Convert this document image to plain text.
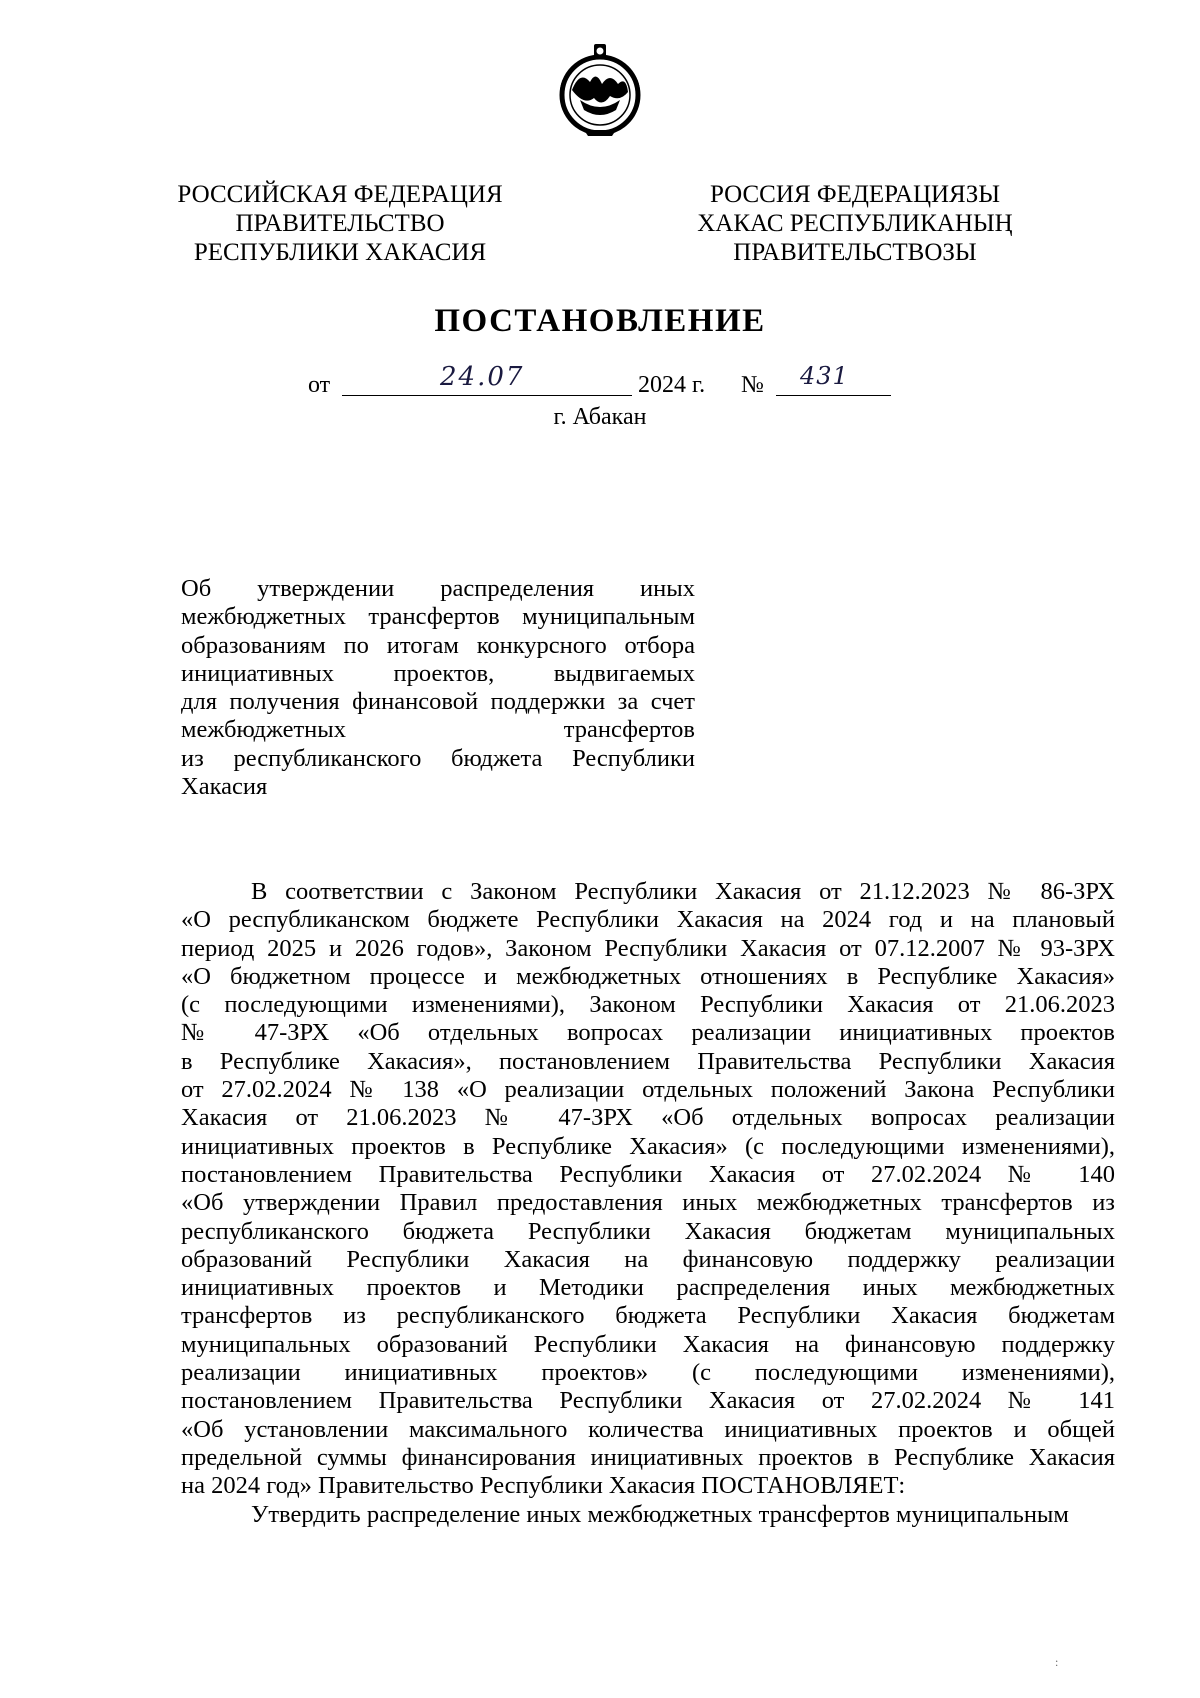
РОССИЙСКАЯ ФЕДЕРАЦИЯ
ПРАВИТЕЛЬСТВО
РЕСПУБЛИКИ ХАКАСИЯ
РОССИЯ ФЕДЕРАЦИЯЗЫ
ХАКАС РЕСПУБЛИКАНЫҢ
ПРАВИТЕЛЬСТВОЗЫ
ПОСТАНОВЛЕНИЕ
от	24.07	2024 г. № 431
г. Абакан
Об утверждении распределения иных
межбюджетных трансфертов муниципальным
образованиям по итогам конкурсного отбора
инициативных проектов, выдвигаемых
для получения финансовой поддержки за счет
межбюджетных трансфертов
из республиканского бюджета Республики
Хакасия
В соответствии с Законом Республики Хакасия от 21.12.2023 № 86-ЗРХ
«О республиканском бюджете Республики Хакасия на 2024 год и на плановый
период 2025 и 2026 годов», Законом Республики Хакасия от 07.12.2007 № 93-ЗРХ
«О бюджетном процессе и межбюджетных отношениях в Республике Хакасия»
(с последующими изменениями), Законом Республики Хакасия от 21.06.2023
№ 47-ЗРХ «Об отдельных вопросах реализации инициативных проектов
в Республике Хакасия», постановлением Правительства Республики Хакасия
от 27.02.2024 № 138 «О реализации отдельных положений Закона Республики
Хакасия от 21.06.2023 № 47-ЗРХ «Об отдельных вопросах реализации
инициативных проектов в Республике Хакасия» (с последующими изменениями),
постановлением Правительства Республики Хакасия от 27.02.2024 № 140
«Об утверждении Правил предоставления иных межбюджетных трансфертов из
республиканского бюджета Республики Хакасия бюджетам муниципальных
образований Республики Хакасия на финансовую поддержку реализации
инициативных проектов и Методики распределения иных межбюджетных
трансфертов из республиканского бюджета Республики Хакасия бюджетам
муниципальных образований Республики Хакасия на финансовую поддержку
реализации инициативных проектов» (с последующими изменениями),
постановлением Правительства Республики Хакасия от 27.02.2024 № 141
«Об установлении максимального количества инициативных проектов и общей
предельной суммы финансирования инициативных проектов в Республике Хакасия
на 2024 год» Правительство Республики Хакасия ПОСТАНОВЛЯЕТ:
Утвердить распределение иных межбюджетных трансфертов муниципальным
:
